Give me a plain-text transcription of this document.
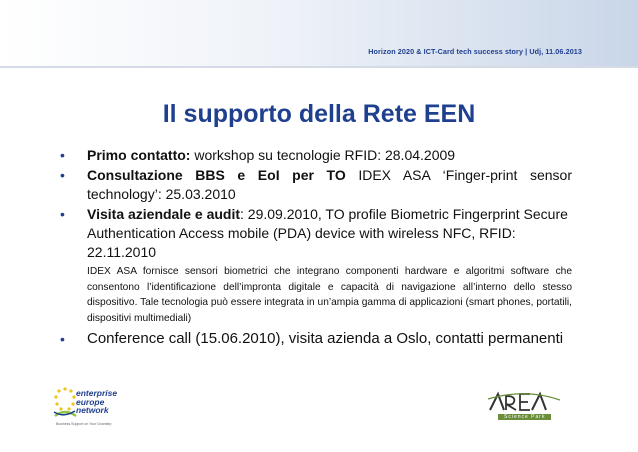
Horizon 2020 & ICT-Card tech success story | Udj, 11.06.2013
Il supporto della Rete EEN
• Primo contatto: workshop su tecnologie RFID: 28.04.2009
• Consultazione BBS e EoI per TO IDEX ASA ‘Finger-print sensor technology’: 25.03.2010
• Visita aziendale e audit: 29.09.2010, TO profile Biometric Fingerprint Secure Authentication Access mobile (PDA) device with wireless NFC, RFID: 22.11.2010
IDEX ASA fornisce sensori biometrici che integrano componenti hardware e algoritmi software che consentono l’identificazione dell’impronta digitale e capacità di navigazione all’interno dello stesso dispositivo. Tale tecnologia può essere integrata in un’ampia gamma di applicazioni (smart phones, portatili, dispositivi multimediali)
• Conference call (15.06.2010), visita azienda a Oslo, contatti permanenti
enterprise
europe
network
Business Support on Your Doorstep
Science Park
